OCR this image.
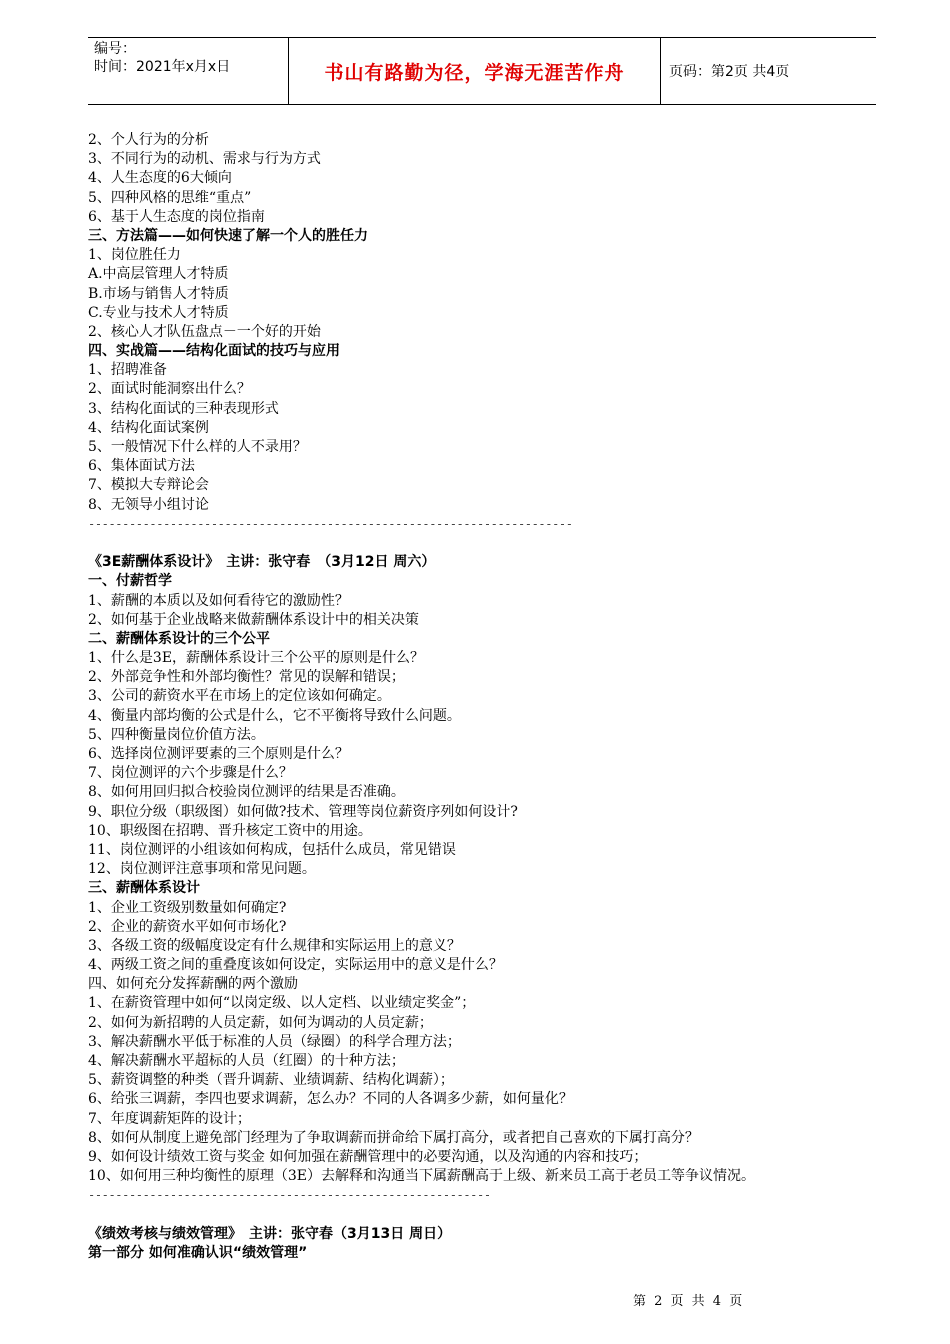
编号：
时间：2021年x月x日	书山有路勤为径，学海无涯苦作舟	页码：第2页 共4页
2、个人行为的分析
3、不同行为的动机、需求与行为方式
4、人生态度的6大倾向
5、四种风格的思维“重点”
6、基于人生态度的岗位指南
三、方法篇——如何快速了解一个人的胜任力
1、岗位胜任力
A.中高层管理人才特质
B.市场与销售人才特质
C.专业与技术人才特质
2、核心人才队伍盘点－一个好的开始
四、实战篇——结构化面试的技巧与应用
1、招聘准备
2、面试时能洞察出什么？
3、结构化面试的三种表现形式
4、结构化面试案例
5、一般情况下什么样的人不录用？
6、集体面试方法
7、模拟大专辩论会
8、无领导小组讨论
-----------------------------------------------------------------------
《3E薪酬体系设计》　主讲：张守春　（3月12日 周六）
一、付薪哲学
1、薪酬的本质以及如何看待它的激励性？
2、如何基于企业战略来做薪酬体系设计中的相关决策
二、薪酬体系设计的三个公平
1、什么是3E，薪酬体系设计三个公平的原则是什么？
2、外部竞争性和外部均衡性？常见的误解和错误；
3、公司的薪资水平在市场上的定位该如何确定。
4、衡量内部均衡的公式是什么，它不平衡将导致什么问题。
5、四种衡量岗位价值方法。
6、选择岗位测评要素的三个原则是什么？
7、岗位测评的六个步骤是什么？
8、如何用回归拟合校验岗位测评的结果是否准确。
9、职位分级（职级图）如何做?技术、管理等岗位薪资序列如何设计?
10、职级图在招聘、晋升核定工资中的用途。
11、岗位测评的小组该如何构成，包括什么成员，常见错误
12、岗位测评注意事项和常见问题。
三、薪酬体系设计
1、企业工资级别数量如何确定?
2、企业的薪资水平如何市场化?
3、各级工资的级幅度设定有什么规律和实际运用上的意义？
4、两级工资之间的重叠度该如何设定，实际运用中的意义是什么？
四、如何充分发挥薪酬的两个激励
1、在薪资管理中如何“以岗定级、以人定档、以业绩定奖金”；
2、如何为新招聘的人员定薪，如何为调动的人员定薪；
3、解决薪酬水平低于标准的人员（绿圈）的科学合理方法；
4、解决薪酬水平超标的人员（红圈）的十种方法；
5、薪资调整的种类（晋升调薪、业绩调薪、结构化调薪）；
6、给张三调薪，李四也要求调薪，怎么办？不同的人各调多少薪，如何量化？
7、年度调薪矩阵的设计；
8、如何从制度上避免部门经理为了争取调薪而拼命给下属打高分，或者把自己喜欢的下属打高分？
9、如何设计绩效工资与奖金 如何加强在薪酬管理中的必要沟通，以及沟通的内容和技巧；
10、如何用三种均衡性的原理（3E）去解释和沟通当下属薪酬高于上级、新来员工高于老员工等争议情况。
-----------------------------------------------------------
《绩效考核与绩效管理》　主讲：张守春（3月13日 周日）
第一部分 如何准确认识“绩效管理”
第 2 页 共 4 页
